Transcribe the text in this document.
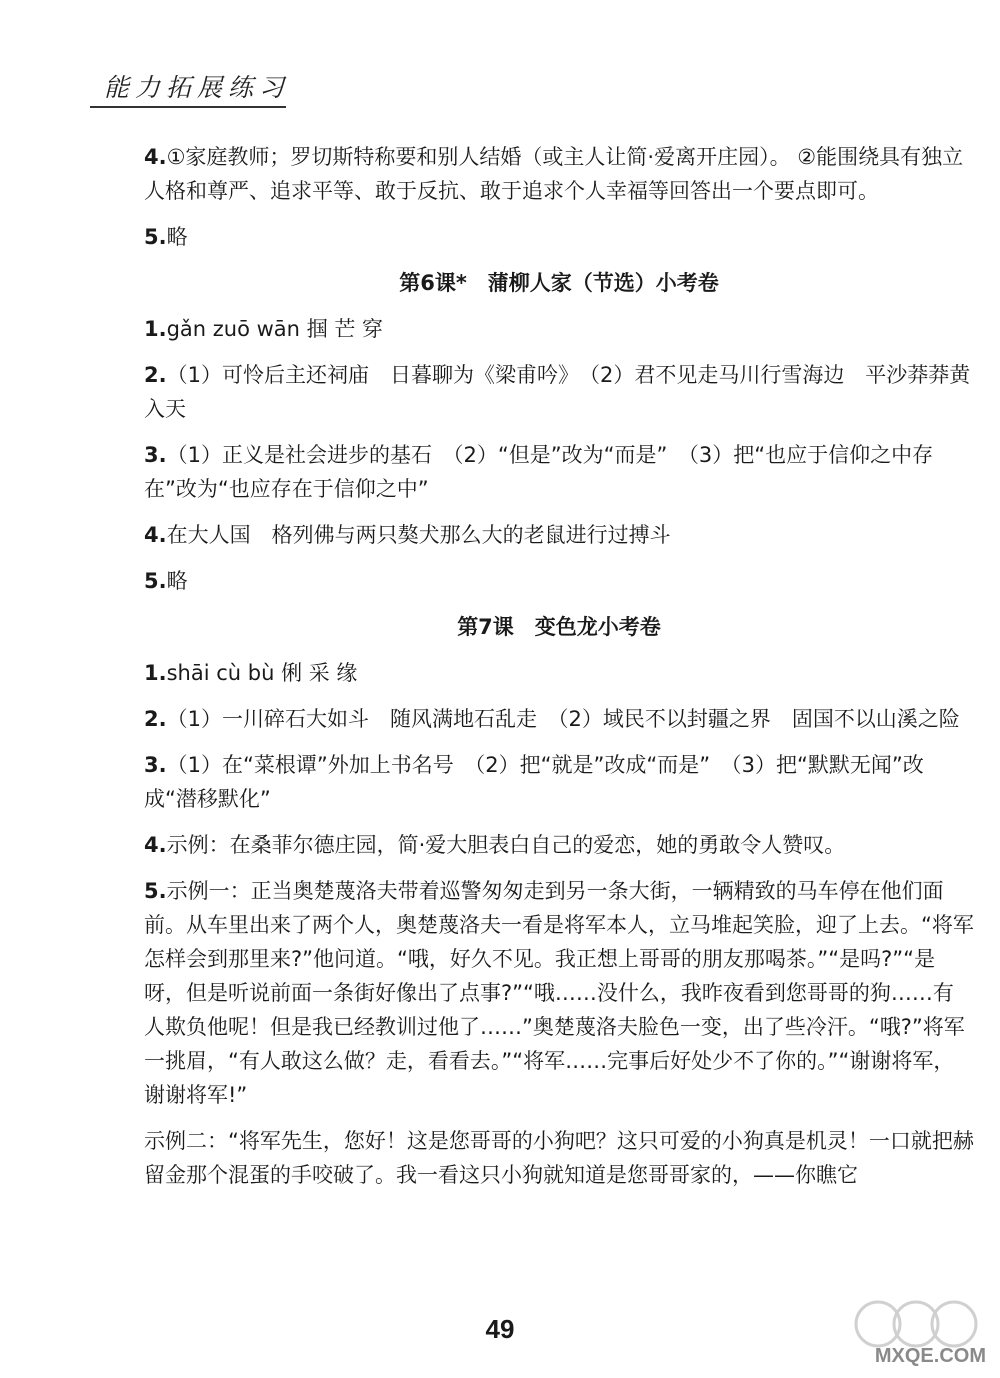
能力拓展练习

4.①家庭教师；罗切斯特称要和别人结婚（或主人让简·爱离开庄园）。 ②能围绕具有独立人格和尊严、追求平等、敢于反抗、敢于追求个人幸福等回答出一个要点即可。

5.略

第6课*　蒲柳人家（节选）小考卷

1.gǎn zuō wān 掴 芒 穿

2.（1）可怜后主还祠庙　日暮聊为《梁甫吟》　（2）君不见走马川行雪海边　平沙莽莽黄入天

3.（1）正义是社会进步的基石　（2）“但是”改为“而是”　（3）把“也应于信仰之中存在”改为“也应存在于信仰之中”

4.在大人国　格列佛与两只獒犬那么大的老鼠进行过搏斗

5.略

第7课　变色龙小考卷

1.shāi cù bù 俐 采 缘

2.（1）一川碎石大如斗　随风满地石乱走　（2）域民不以封疆之界　固国不以山溪之险

3.（1）在“菜根谭”外加上书名号　（2）把“就是”改成“而是”　（3）把“默默无闻”改成“潜移默化”

4.示例：在桑菲尔德庄园，简·爱大胆表白自己的爱恋，她的勇敢令人赞叹。

5.示例一：正当奥楚蔑洛夫带着巡警匆匆走到另一条大街，一辆精致的马车停在他们面前。从车里出来了两个人，奥楚蔑洛夫一看是将军本人，立马堆起笑脸，迎了上去。“将军怎样会到那里来?”他问道。“哦，好久不见。我正想上哥哥的朋友那喝茶。”“是吗?”“是呀，但是听说前面一条街好像出了点事?”“哦……没什么，我昨夜看到您哥哥的狗……有人欺负他呢！但是我已经教训过他了……”奥楚蔑洛夫脸色一变，出了些冷汗。“哦?”将军一挑眉，“有人敢这么做？走，看看去。”“将军……完事后好处少不了你的。”“谢谢将军，谢谢将军!”

示例二：“将军先生，您好！这是您哥哥的小狗吧？这只可爱的小狗真是机灵！一口就把赫留金那个混蛋的手咬破了。我一看这只小狗就知道是您哥哥家的，——你瞧它

49
MXQE.COM
